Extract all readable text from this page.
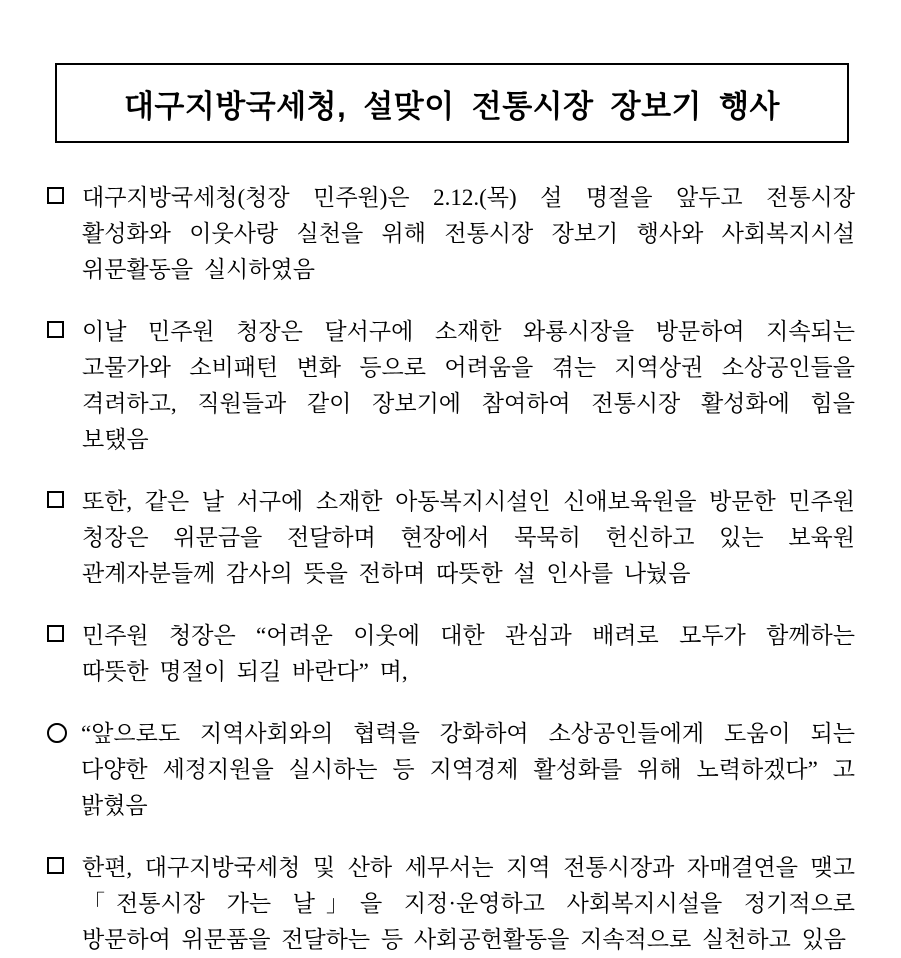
대구지방국세청, 설맞이 전통시장 장보기 행사

대구지방국세청(청장 민주원)은 2.12.(목) 설 명절을 앞두고 전통시장 활성화와 이웃사랑 실천을 위해 전통시장 장보기 행사와 사회복지시설 위문활동을 실시하였음

이날 민주원 청장은 달서구에 소재한 와룡시장을 방문하여 지속되는 고물가와 소비패턴 변화 등으로 어려움을 겪는 지역상권 소상공인들을 격려하고, 직원들과 같이 장보기에 참여하여 전통시장 활성화에 힘을 보탰음

또한, 같은 날 서구에 소재한 아동복지시설인 신애보육원을 방문한 민주원 청장은 위문금을 전달하며 현장에서 묵묵히 헌신하고 있는 보육원 관계자분들께 감사의 뜻을 전하며 따뜻한 설 인사를 나눴음

민주원 청장은 “어려운 이웃에 대한 관심과 배려로 모두가 함께하는 따뜻한 명절이 되길 바란다” 며,

“앞으로도 지역사회와의 협력을 강화하여 소상공인들에게 도움이 되는 다양한 세정지원을 실시하는 등 지역경제 활성화를 위해 노력하겠다” 고 밝혔음

한편, 대구지방국세청 및 산하 세무서는 지역 전통시장과 자매결연을 맺고 「전통시장 가는 날」을 지정·운영하고 사회복지시설을 정기적으로 방문하여 위문품을 전달하는 등 사회공헌활동을 지속적으로 실천하고 있음
